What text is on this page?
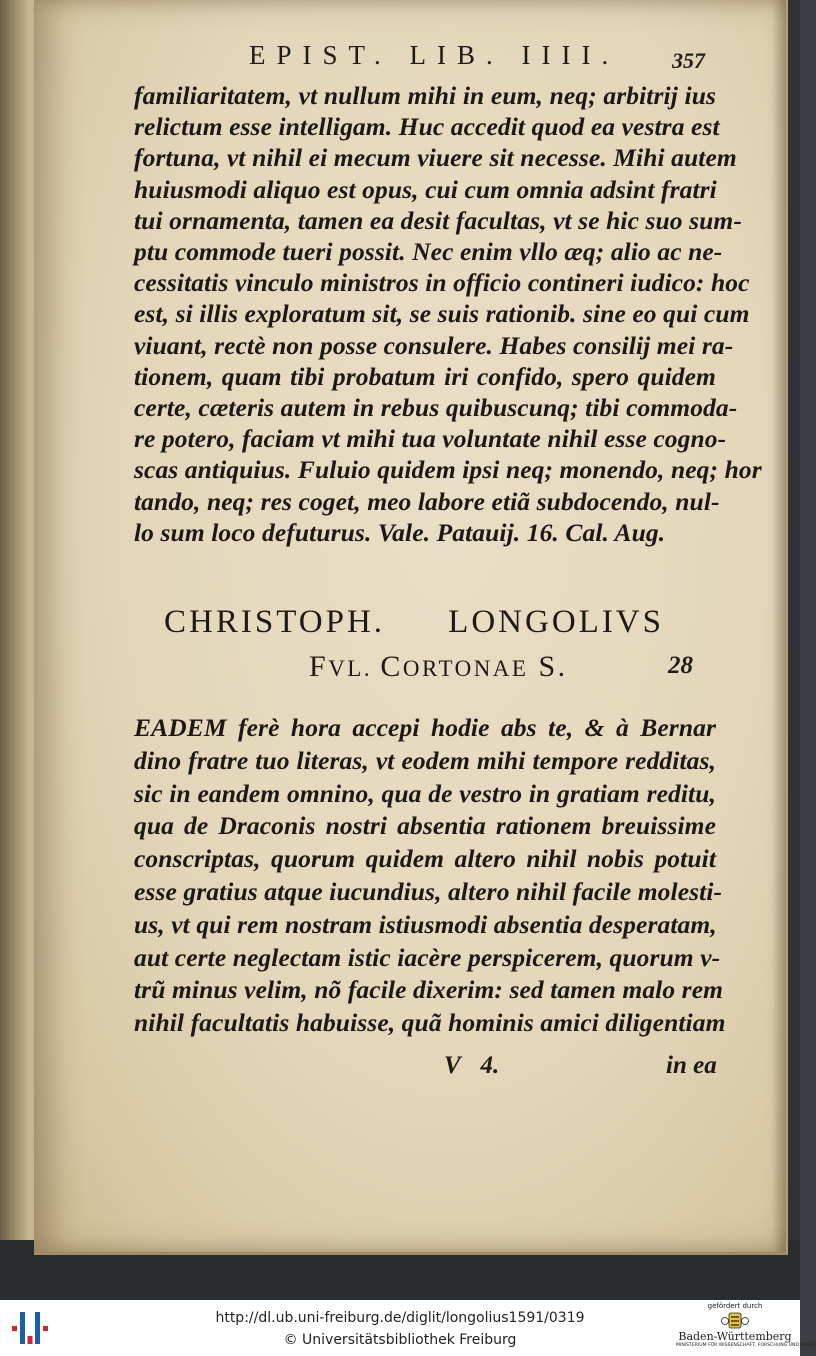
EPIST. LIB. IIII. 357
familiaritatem, vt nullum mihi in eum, neq; arbitrij ius
relictum esse intelligam. Huc accedit quod ea vestra est
fortuna, vt nihil ei mecum viuere sit necesse. Mihi autem
huiusmodi aliquo est opus, cui cum omnia adsint fratri
tui ornamenta, tamen ea desit facultas, vt se hic suo sum-
ptu commode tueri possit. Nec enim vllo æq; alio ac ne-
cessitatis vinculo ministros in officio contineri iudico: hoc
est, si illis exploratum sit, se suis rationib. sine eo qui cum
viuant, rectè non posse consulere. Habes consilij mei ra-
tionem, quam tibi probatum iri confido, spero quidem
certe, cæteris autem in rebus quibuscunq; tibi commoda-
re potero, faciam vt mihi tua voluntate nihil esse cogno-
scas antiquius. Fuluio quidem ipsi neq; monendo, neq; hor
tando, neq; res coget, meo labore etiã subdocendo, nul-
lo sum loco defuturus. Vale. Patauij. 16. Cal. Aug.
CHRISTOPH. LONGOLIVS
FVL. CORTONAE S.	28
EADEM ferè hora accepi hodie abs te, & à Bernar
dino fratre tuo literas, vt eodem mihi tempore redditas,
sic in eandem omnino, qua de vestro in gratiam reditu,
qua de Draconis nostri absentia rationem breuissime
conscriptas, quorum quidem altero nihil nobis potuit
esse gratius atque iucundius, altero nihil facile molesti-
us, vt qui rem nostram istiusmodi absentia desperatam,
aut certe neglectam istic iacère perspicerem, quorum v-
trũ minus velim, nõ facile dixerim: sed tamen malo rem
nihil facultatis habuisse, quã hominis amici diligentiam
V 4.	in ea
http://dl.ub.uni-freiburg.de/diglit/longolius1591/0319
© Universitätsbibliothek Freiburg
gefördert durch
Baden-Württemberg
MINISTERIUM FÜR WISSENSCHAFT, FORSCHUNG UND KUNST
